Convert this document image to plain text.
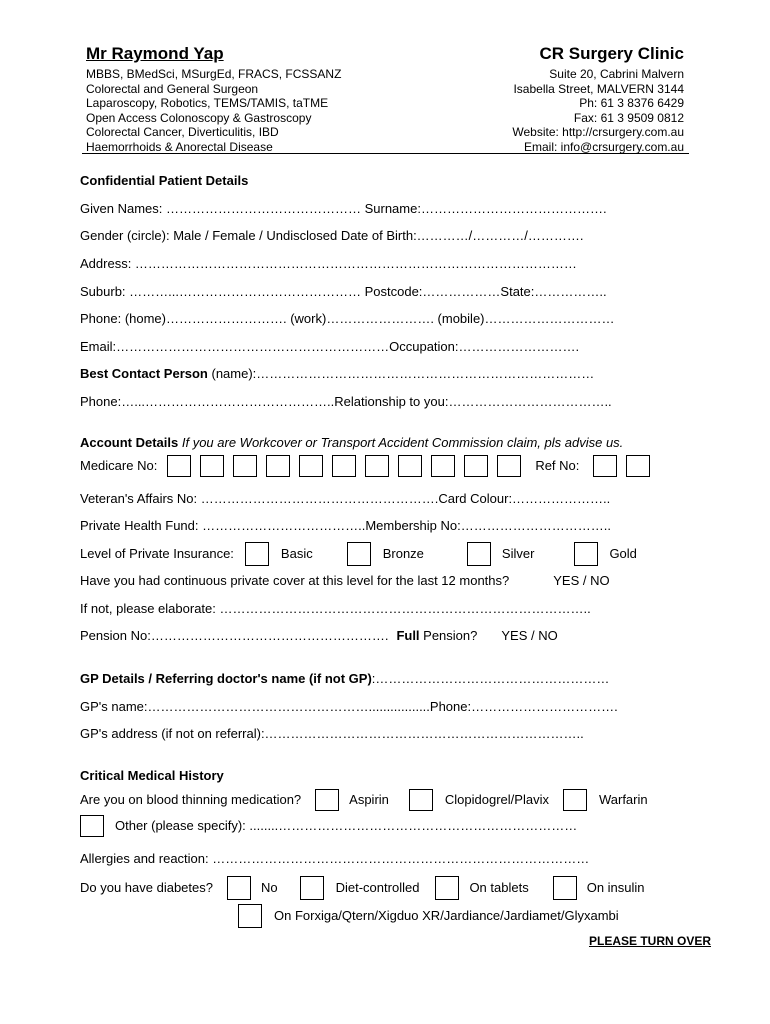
Mr Raymond Yap
MBBS, BMedSci, MSurgEd, FRACS, FCSSANZ
Colorectal and General Surgeon
Laparoscopy, Robotics, TEMS/TAMIS, taTME
Open Access Colonoscopy & Gastroscopy
Colorectal Cancer, Diverticulitis, IBD
Haemorrhoids & Anorectal Disease
CR Surgery Clinic
Suite 20, Cabrini Malvern
Isabella Street, MALVERN 3144
Ph: 61 3 8376 6429
Fax: 61 3 9509 0812
Website: http://crsurgery.com.au
Email: info@crsurgery.com.au
Confidential Patient Details
Given Names: ……………………………………… Surname:…………………………………….
Gender (circle): Male / Female / Undisclosed Date of Birth:…………/…………/………….
Address: …………………………………………………………………………………………
Suburb: ………...…………………………………… Postcode:………………State:……………..
Phone: (home)………………………. (work)……………………. (mobile)…………………………
Email:………………………………………………………Occupation:……………………….
Best Contact Person (name):……………………………………………………………………
Phone:…...……………………………………..Relationship to you:………………………………..
Account Details If you are Workcover or Transport Accident Commission claim, pls advise us.
Medicare No:	Ref No:
Veteran's Affairs No: ……………………………………………….Card Colour:…………………..
Private Health Fund: ………………………………..Membership No:……………………………..
Level of Private Insurance:	Basic	Bronze	Silver	Gold
Have you had continuous private cover at this level for the last 12 months?	YES / NO
If not, please elaborate: …………………………………………………………………………..
Pension No:………………………………………………. Full Pension? YES / NO
GP Details / Referring doctor's name (if not GP):………………………………………………
GP's name:…………………………………………….................Phone:…………………………….
GP's address (if not on referral):………………………………………………………………..
Critical Medical History
Are you on blood thinning medication?	Aspirin	Clopidogrel/Plavix	Warfarin
Other (please specify): ........……………………………………………………………
Allergies and reaction: ……………………………………………………………………………
Do you have diabetes?	No	Diet-controlled	On tablets	On insulin
On Forxiga/Qtern/Xigduo XR/Jardiance/Jardiamet/Glyxambi
PLEASE TURN OVER
